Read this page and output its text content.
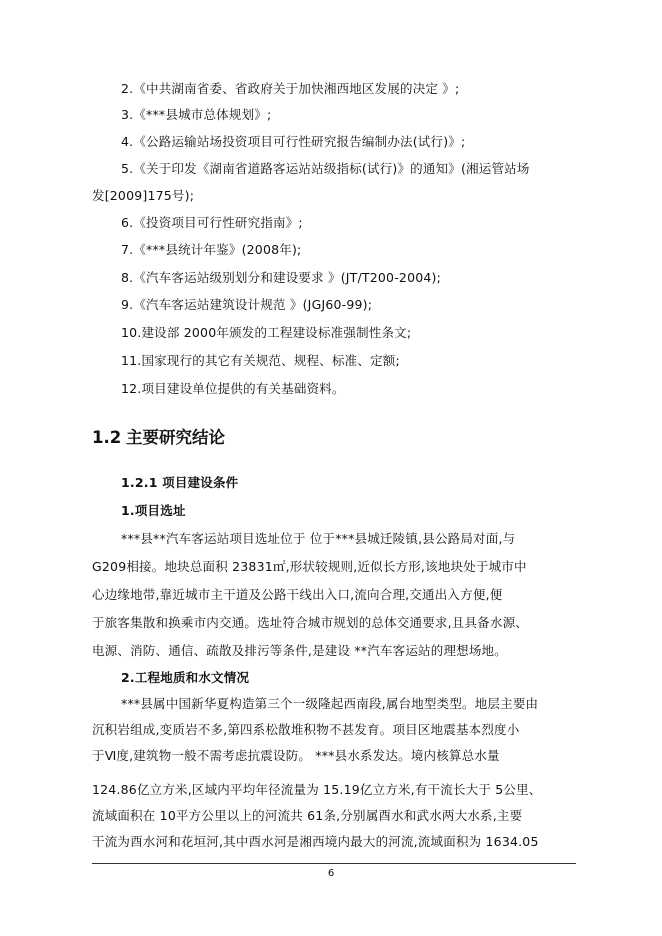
2.《中共湖南省委、省政府关于加快湘西地区发展的决定 》;
3.《***县城市总体规划》;
4.《公路运输站场投资项目可行性研究报告编制办法(试行)》;
5.《关于印发《湖南省道路客运站站级指标(试行)》的通知》(湘运管站场
发[2009]175号);
6.《投资项目可行性研究指南》;
7.《***县统计年鉴》(2008年);
8.《汽车客运站级别划分和建设要求 》(JT/T200-2004);
9.《汽车客运站建筑设计规范 》(JGJ60-99);
10.建设部 2000年颁发的工程建设标准强制性条文;
11.国家现行的其它有关规范、规程、标准、定额;
12.项目建设单位提供的有关基础资料。
1.2 主要研究结论
1.2.1 项目建设条件
1.项目选址
***县**汽车客运站项目选址位于 位于***县城迁陵镇,县公路局对面,与
G209相接。地块总面积 23831㎡,形状较规则,近似长方形,该地块处于城市中
心边缘地带,靠近城市主干道及公路干线出入口,流向合理,交通出入方便,便
于旅客集散和换乘市内交通。选址符合城市规划的总体交通要求,且具备水源、
电源、消防、通信、疏散及排污等条件,是建设 **汽车客运站的理想场地。
2.工程地质和水文情况
***县属中国新华夏构造第三个一级隆起西南段,属台地型类型。地层主要由
沉积岩组成,变质岩不多,第四系松散堆积物不甚发育。项目区地震基本烈度小
于Ⅵ度,建筑物一般不需考虑抗震设防。 ***县水系发达。境内核算总水量
124.86亿立方米,区域内平均年径流量为 15.19亿立方米,有干流长大于 5公里、
流域面积在 10平方公里以上的河流共 61条,分别属酉水和武水两大水系,主要
干流为酉水河和花垣河,其中酉水河是湘西境内最大的河流,流域面积为 1634.05
6
